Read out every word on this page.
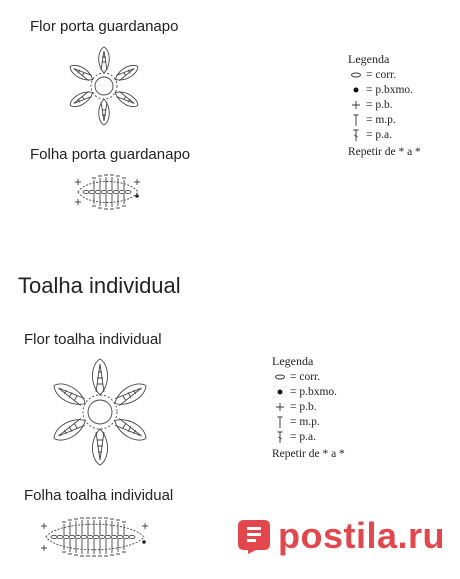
Flor porta guardanapo
Folha porta guardanapo
Legenda
= corr.
= p.bxmo.
= p.b.
= m.p.
= p.a.
Repetir de * a *
Toalha individual
Flor toalha individual
Legenda
= corr.
= p.bxmo.
= p.b.
= m.p.
= p.a.
Repetir de * a *
Folha toalha individual
postila.ru
